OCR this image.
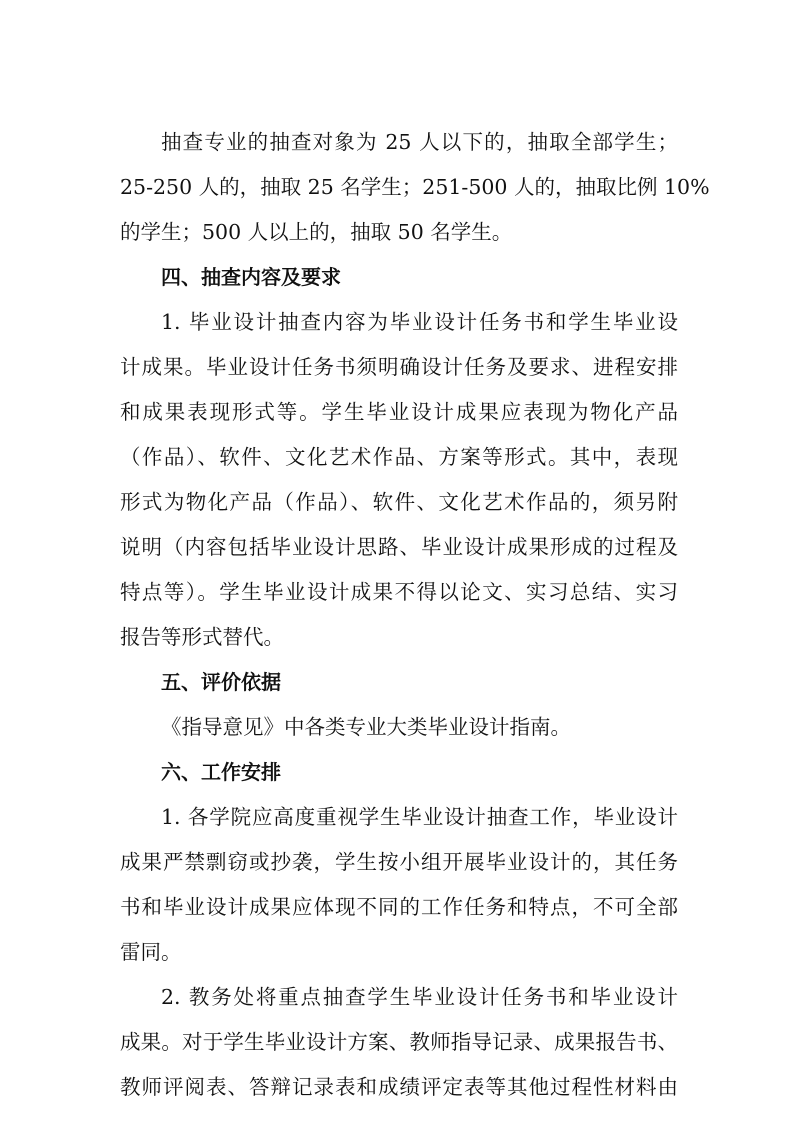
抽查专业的抽查对象为 25 人以下的，抽取全部学生；
25-250 人的，抽取 25 名学生；251-500 人的，抽取比例 10%
的学生；500 人以上的，抽取 50 名学生。
四、抽查内容及要求
1. 毕业设计抽查内容为毕业设计任务书和学生毕业设
计成果。毕业设计任务书须明确设计任务及要求、进程安排
和成果表现形式等。学生毕业设计成果应表现为物化产品
（作品）、软件、文化艺术作品、方案等形式。其中，表现
形式为物化产品（作品）、软件、文化艺术作品的，须另附
说明（内容包括毕业设计思路、毕业设计成果形成的过程及
特点等）。学生毕业设计成果不得以论文、实习总结、实习
报告等形式替代。
五、评价依据
《指导意见》中各类专业大类毕业设计指南。
六、工作安排
1. 各学院应高度重视学生毕业设计抽查工作，毕业设计
成果严禁剽窃或抄袭，学生按小组开展毕业设计的，其任务
书和毕业设计成果应体现不同的工作任务和特点，不可全部
雷同。
2. 教务处将重点抽查学生毕业设计任务书和毕业设计
成果。对于学生毕业设计方案、教师指导记录、成果报告书、
教师评阅表、答辩记录表和成绩评定表等其他过程性材料由
